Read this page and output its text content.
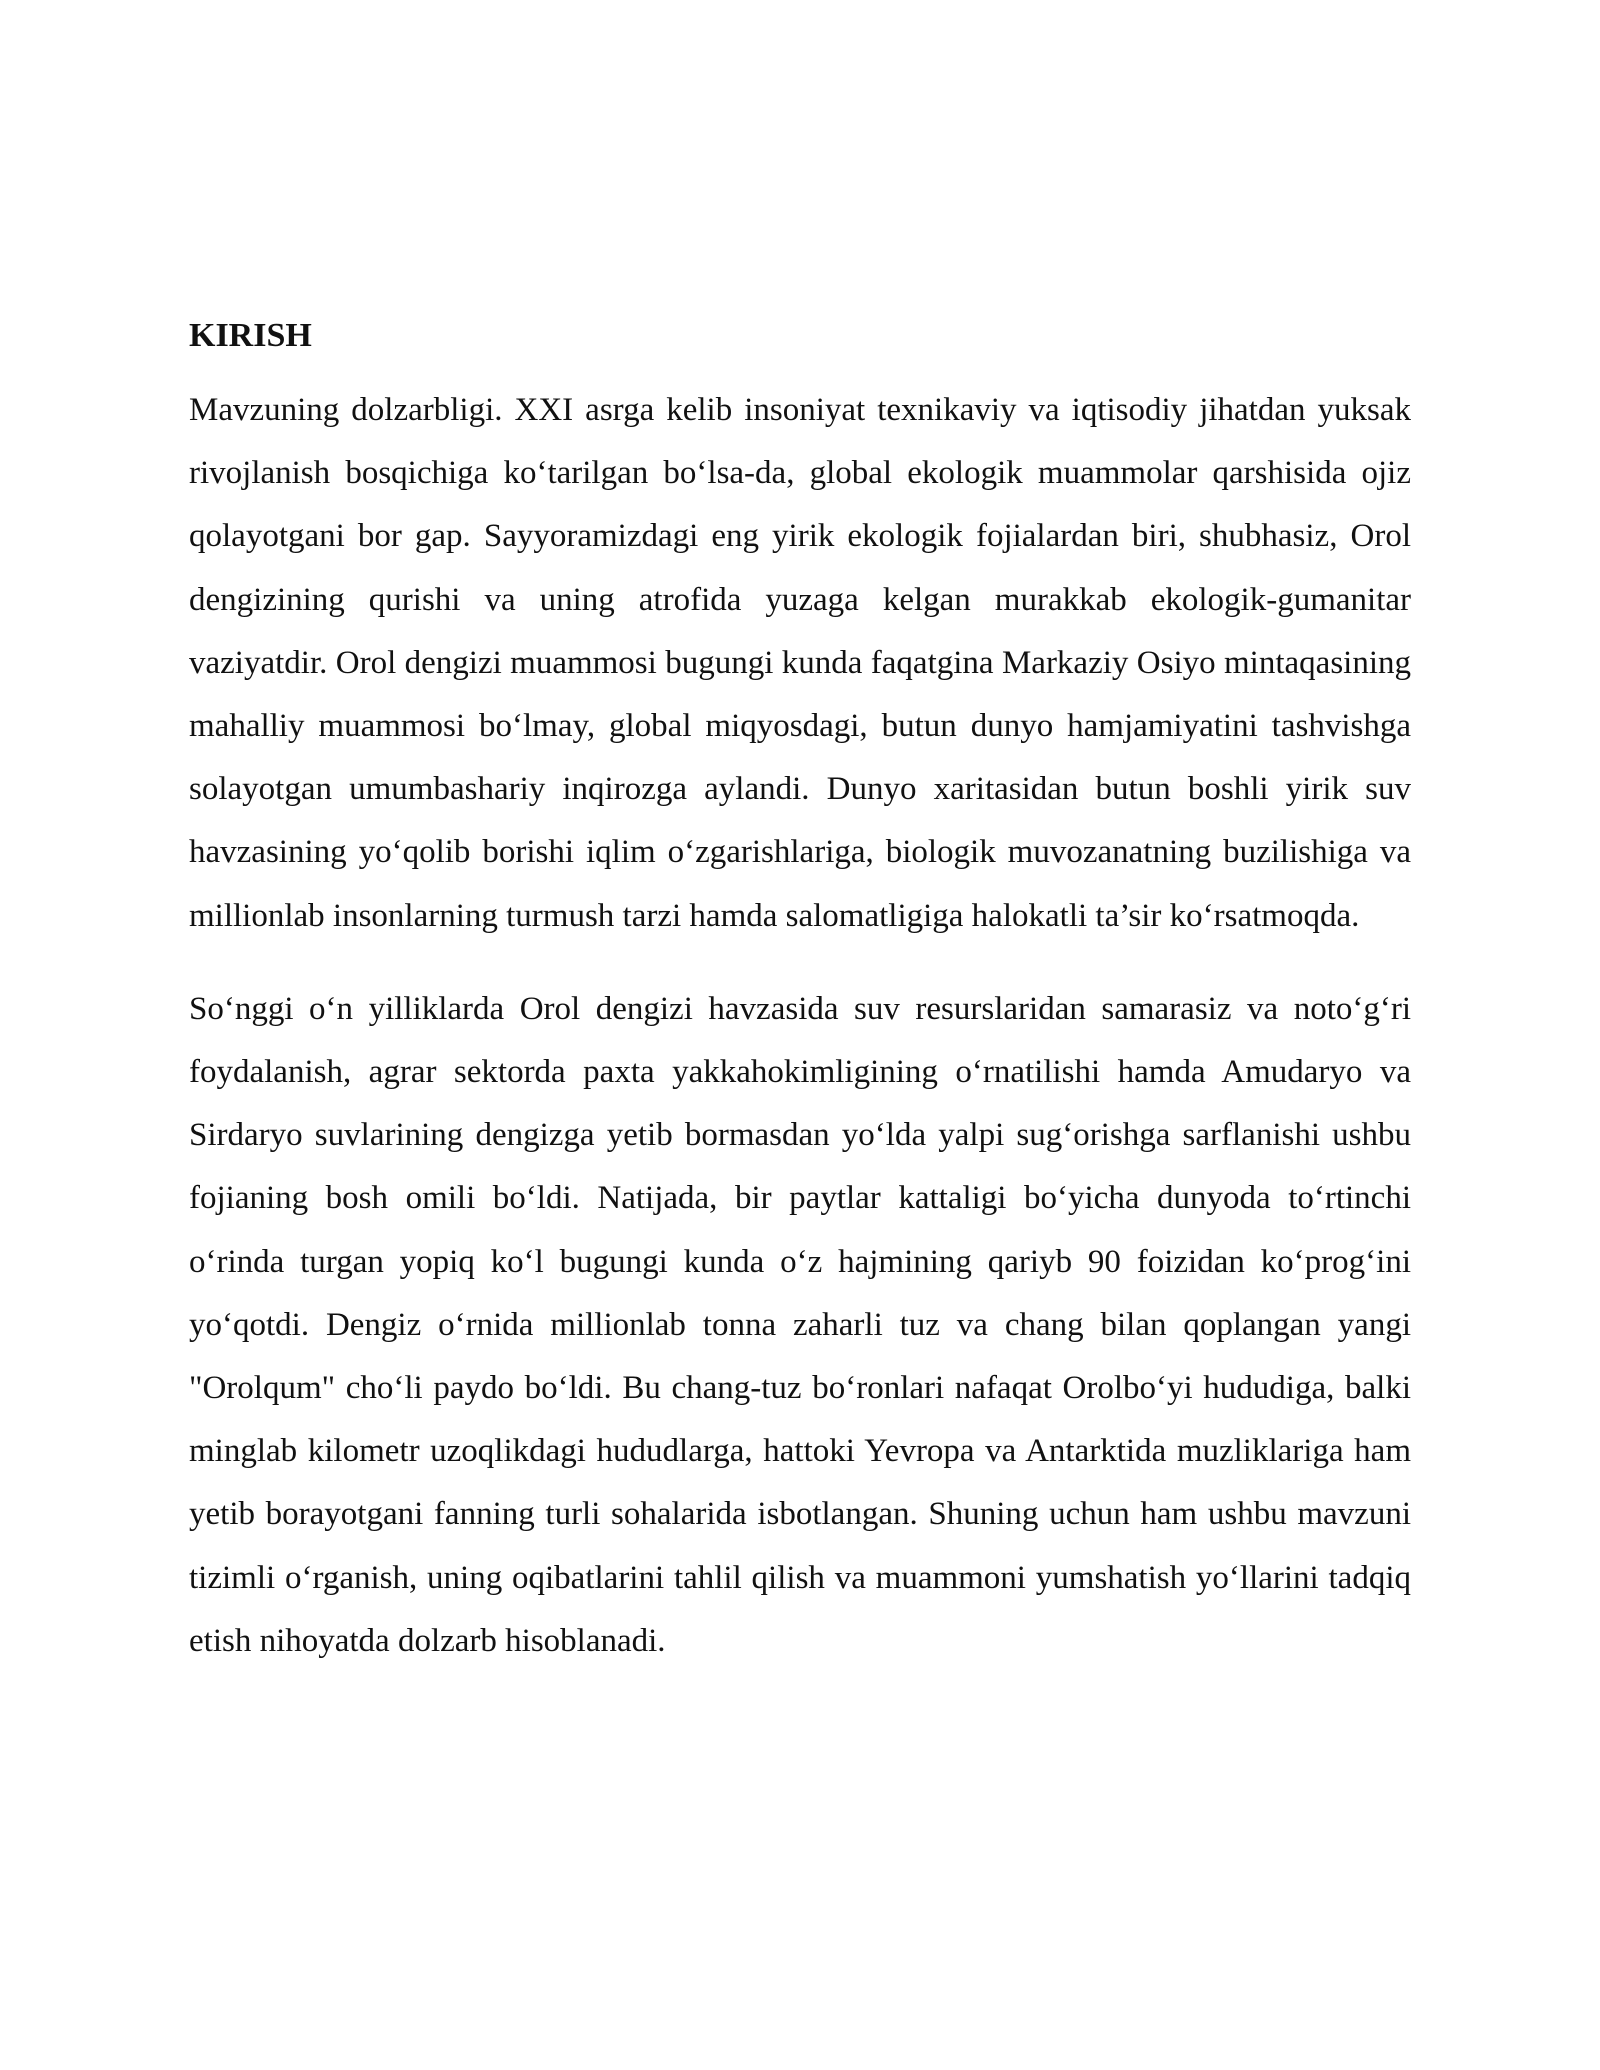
KIRISH

Mavzuning dolzarbligi. XXI asrga kelib insoniyat texnikaviy va iqtisodiy jihatdan yuksak rivojlanish bosqichiga ko‘tarilgan bo‘lsa-da, global ekologik muammolar qarshisida ojiz qolayotgani bor gap. Sayyoramizdagi eng yirik ekologik fojialardan biri, shubhasiz, Orol dengizining qurishi va uning atrofida yuzaga kelgan murakkab ekologik-gumanitar vaziyatdir. Orol dengizi muammosi bugungi kunda faqatgina Markaziy Osiyo mintaqasining mahalliy muammosi bo‘lmay, global miqyosdagi, butun dunyo hamjamiyatini tashvishga solayotgan umumbashariy inqirozga aylandi. Dunyo xaritasidan butun boshli yirik suv havzasining yo‘qolib borishi iqlim o‘zgarishlariga, biologik muvozanatning buzilishiga va millionlab insonlarning turmush tarzi hamda salomatligiga halokatli ta’sir ko‘rsatmoqda.

So‘nggi o‘n yilliklarda Orol dengizi havzasida suv resurslaridan samarasiz va noto‘g‘ri foydalanish, agrar sektorda paxta yakkahokimligining o‘rnatilishi hamda Amudaryo va Sirdaryo suvlarining dengizga yetib bormasdan yo‘lda yalpi sug‘orishga sarflanishi ushbu fojianing bosh omili bo‘ldi. Natijada, bir paytlar kattaligi bo‘yicha dunyoda to‘rtinchi o‘rinda turgan yopiq ko‘l bugungi kunda o‘z hajmining qariyb 90 foizidan ko‘prog‘ini yo‘qotdi. Dengiz o‘rnida millionlab tonna zaharli tuz va chang bilan qoplangan yangi "Orolqum" cho‘li paydo bo‘ldi. Bu chang-tuz bo‘ronlari nafaqat Orolbo‘yi hududiga, balki minglab kilometr uzoqlikdagi hududlarga, hattoki Yevropa va Antarktida muzliklariga ham yetib borayotgani fanning turli sohalarida isbotlangan. Shuning uchun ham ushbu mavzuni tizimli o‘rganish, uning oqibatlarini tahlil qilish va muammoni yumshatish yo‘llarini tadqiq etish nihoyatda dolzarb hisoblanadi.
